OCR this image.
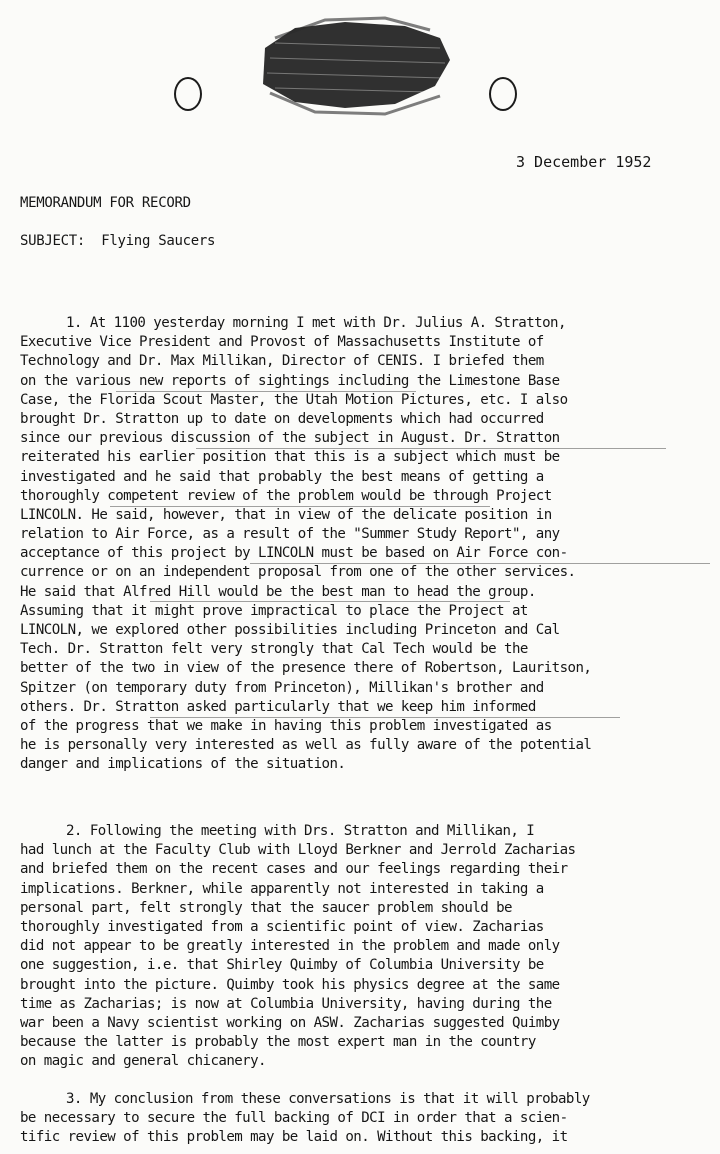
3 December 1952
MEMORANDUM FOR RECORD
SUBJECT: Flying Saucers

1. At 1100 yesterday morning I met with Dr. Julius A. Stratton,
Executive Vice President and Provost of Massachusetts Institute of
Technology and Dr. Max Millikan, Director of CENIS. I briefed them
on the various new reports of sightings including the Limestone Base
Case, the Florida Scout Master, the Utah Motion Pictures, etc. I also
brought Dr. Stratton up to date on developments which had occurred
since our previous discussion of the subject in August. Dr. Stratton
reiterated his earlier position that this is a subject which must be
investigated and he said that probably the best means of getting a
thoroughly competent review of the problem would be through Project
LINCOLN. He said, however, that in view of the delicate position in
relation to Air Force, as a result of the "Summer Study Report", any
acceptance of this project by LINCOLN must be based on Air Force con-
currence or on an independent proposal from one of the other services.
He said that Alfred Hill would be the best man to head the group.
Assuming that it might prove impractical to place the Project at
LINCOLN, we explored other possibilities including Princeton and Cal
Tech. Dr. Stratton felt very strongly that Cal Tech would be the
better of the two in view of the presence there of Robertson, Lauritson,
Spitzer (on temporary duty from Princeton), Millikan's brother and
others. Dr. Stratton asked particularly that we keep him informed
of the progress that we make in having this problem investigated as
he is personally very interested as well as fully aware of the potential
danger and implications of the situation.

2. Following the meeting with Drs. Stratton and Millikan, I
had lunch at the Faculty Club with Lloyd Berkner and Jerrold Zacharias
and briefed them on the recent cases and our feelings regarding their
implications. Berkner, while apparently not interested in taking a
personal part, felt strongly that the saucer problem should be
thoroughly investigated from a scientific point of view. Zacharias
did not appear to be greatly interested in the problem and made only
one suggestion, i.e. that Shirley Quimby of Columbia University be
brought into the picture. Quimby took his physics degree at the same
time as Zacharias; is now at Columbia University, having during the
war been a Navy scientist working on ASW. Zacharias suggested Quimby
because the latter is probably the most expert man in the country
on magic and general chicanery.

3. My conclusion from these conversations is that it will probably
be necessary to secure the full backing of DCI in order that a scien-
tific review of this problem may be laid on. Without this backing, it
